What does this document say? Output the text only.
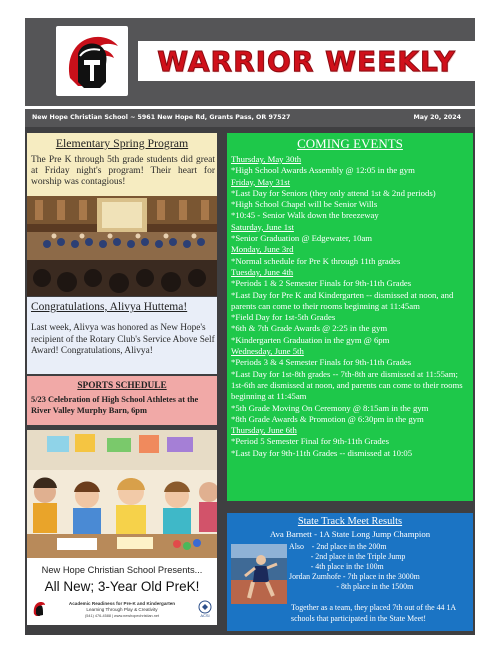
WARRIOR WEEKLY
New Hope Christian School ~ 5961 New Hope Rd, Grants Pass, OR 97527	May 20, 2024
Elementary Spring Program
The Pre K through 5th grade students did great at Friday night's program! Their heart for worship was contagious!
Congratulations, Alivya Huttema!
Last week, Alivya was honored as New Hope's recipient of the Rotary Club's Service Above Self Award! Congratulations, Alivya!
SPORTS SCHEDULE
5/23 Celebration of High School Athletes at the River Valley Murphy Barn, 6pm
New Hope Christian School Presents...
All New; 3-Year Old PreK!
Academic Readiness for Pre-K and Kindergarten
Learning Through Play & Creativity
(541) 476-4588 | www.newhopechristian.net	ACSI
COMING EVENTS
Thursday, May 30th
*High School Awards Assembly @ 12:05 in the gym
Friday, May 31st
*Last Day for Seniors (they only attend 1st & 2nd periods)
*High School Chapel will be Senior Wills
*10:45 - Senior Walk down the breezeway
Saturday, June 1st
*Senior Graduation @ Edgewater, 10am
Monday, June 3rd
*Normal schedule for Pre K through 11th grades
Tuesday, June 4th
*Periods 1 & 2 Semester Finals for 9th-11th Grades
*Last Day for Pre K and Kindergarten -- dismissed at noon, and parents can come to their rooms beginning at 11:45am
*Field Day for 1st-5th Grades
*6th & 7th Grade Awards @ 2:25 in the gym
*Kindergarten Graduation in the gym @ 6pm
Wednesday, June 5th
*Periods 3 & 4 Semester Finals for 9th-11th Grades
*Last Day for 1st-8th grades -- 7th-8th are dismissed at 11:55am; 1st-6th are dismissed at noon, and parents can come to their rooms beginning at 11:45am
*5th Grade Moving On Ceremony @ 8:15am in the gym
*8th Grade Awards & Promotion @ 6:30pm in the gym
Thursday, June 6th
*Period 5 Semester Final for 9th-11th Grades
*Last Day for 9th-11th Grades -- dismissed at 10:05
State Track Meet Results
Ava Barnett - 1A State Long Jump Champion
Also    - 2nd place in the 200m
- 2nd place in the Triple Jump
- 4th place in the 100m
Jordan Zumhofe - 7th place in the 3000m
- 8th place in the 1500m
Together as a team, they placed 7th out of the 44 1A schools that participated in the State Meet!
